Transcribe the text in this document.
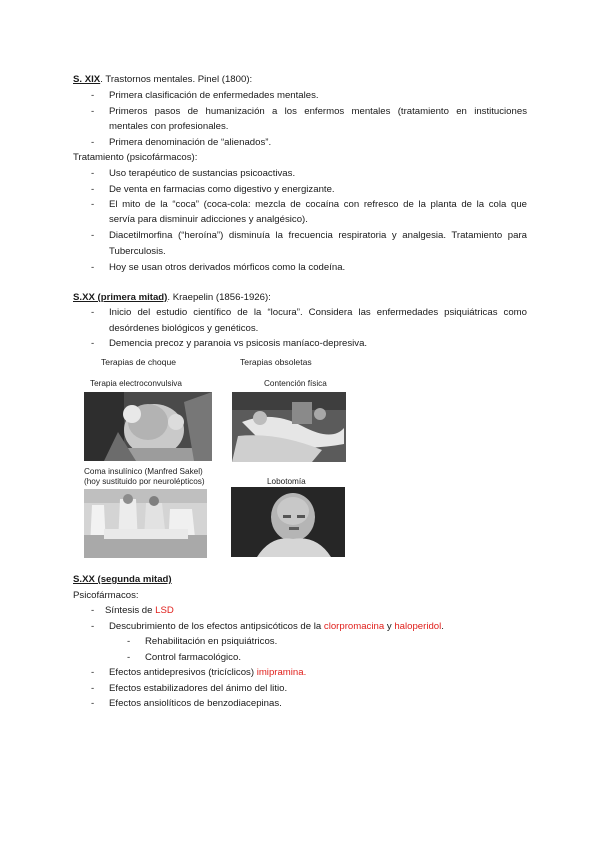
S. XIX. Trastornos mentales. Pinel (1800):
- Primera clasificación de enfermedades mentales.
- Primeros pasos de humanización a los enfermos mentales (tratamiento en instituciones
mentales con profesionales.
- Primera denominación de “alienados”.
Tratamiento (psicofármacos):
- Uso terapéutico de sustancias psicoactivas.
- De venta en farmacias como digestivo y energizante.
- El mito de la “coca” (coca-cola: mezcla de cocaína con refresco de la planta de la cola que
servía para disminuir adicciones y analgésico).
- Diacetilmorfina (“heroína”) disminuía la frecuencia respiratoria y analgesia. Tratamiento para
Tuberculosis.
- Hoy se usan otros derivados mórficos como la codeína.
S.XX (primera mitad). Kraepelin (1856-1926):
- Inicio del estudio científico de la “locura”. Considera las enfermedades psiquiátricas como
desórdenes biológicos y genéticos.
- Demencia precoz y paranoia vs psicosis maníaco-depresiva.
Terapias de choque	Terapias obsoletas
Terapia electroconvulsiva	Contención física
Coma insulínico (Manfred Sakel)
(hoy sustituido por neurolépticos)	Lobotomía
S.XX (segunda mitad)
Psicofármacos:
- Síntesis de LSD
- Descubrimiento de los efectos antipsicóticos de la clorpromacina y haloperidol.
- Rehabilitación en psiquiátricos.
- Control farmacológico.
- Efectos antidepresivos (tricíclicos) imipramina.
- Efectos estabilizadores del ánimo del litio.
- Efectos ansiolíticos de benzodiacepinas.
